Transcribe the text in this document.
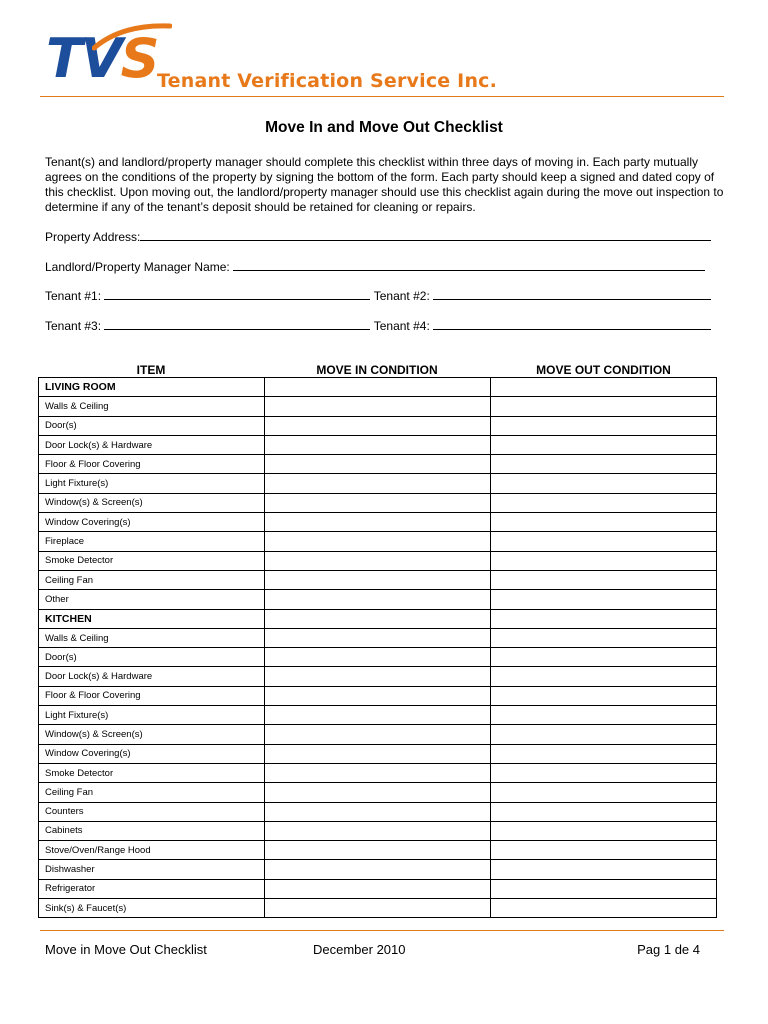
TVS Tenant Verification Service Inc.
Move In and Move Out Checklist

Tenant(s) and landlord/property manager should complete this checklist within three days of moving in. Each party mutually agrees on the conditions of the property by signing the bottom of the form. Each party should keep a signed and dated copy of this checklist. Upon moving out, the landlord/property manager should use this checklist again during the move out inspection to determine if any of the tenant’s deposit should be retained for cleaning or repairs.

Property Address:
Landlord/Property Manager Name:
Tenant #1:	Tenant #2:
Tenant #3:	Tenant #4:
ITEM	MOVE IN CONDITION	MOVE OUT CONDITION
LIVING ROOM		
Walls & Ceiling		
Door(s)		
Door Lock(s) & Hardware		
Floor & Floor Covering		
Light Fixture(s)		
Window(s) & Screen(s)		
Window Covering(s)		
Fireplace		
Smoke Detector		
Ceiling Fan		
Other		
KITCHEN		
Walls & Ceiling		
Door(s)		
Door Lock(s) & Hardware		
Floor & Floor Covering		
Light Fixture(s)		
Window(s) & Screen(s)		
Window Covering(s)		
Smoke Detector		
Ceiling Fan		
Counters		
Cabinets		
Stove/Oven/Range Hood		
Dishwasher		
Refrigerator		
Sink(s) & Faucet(s)		
Move in Move Out Checklist	December 2010	Pag 1 de 4
